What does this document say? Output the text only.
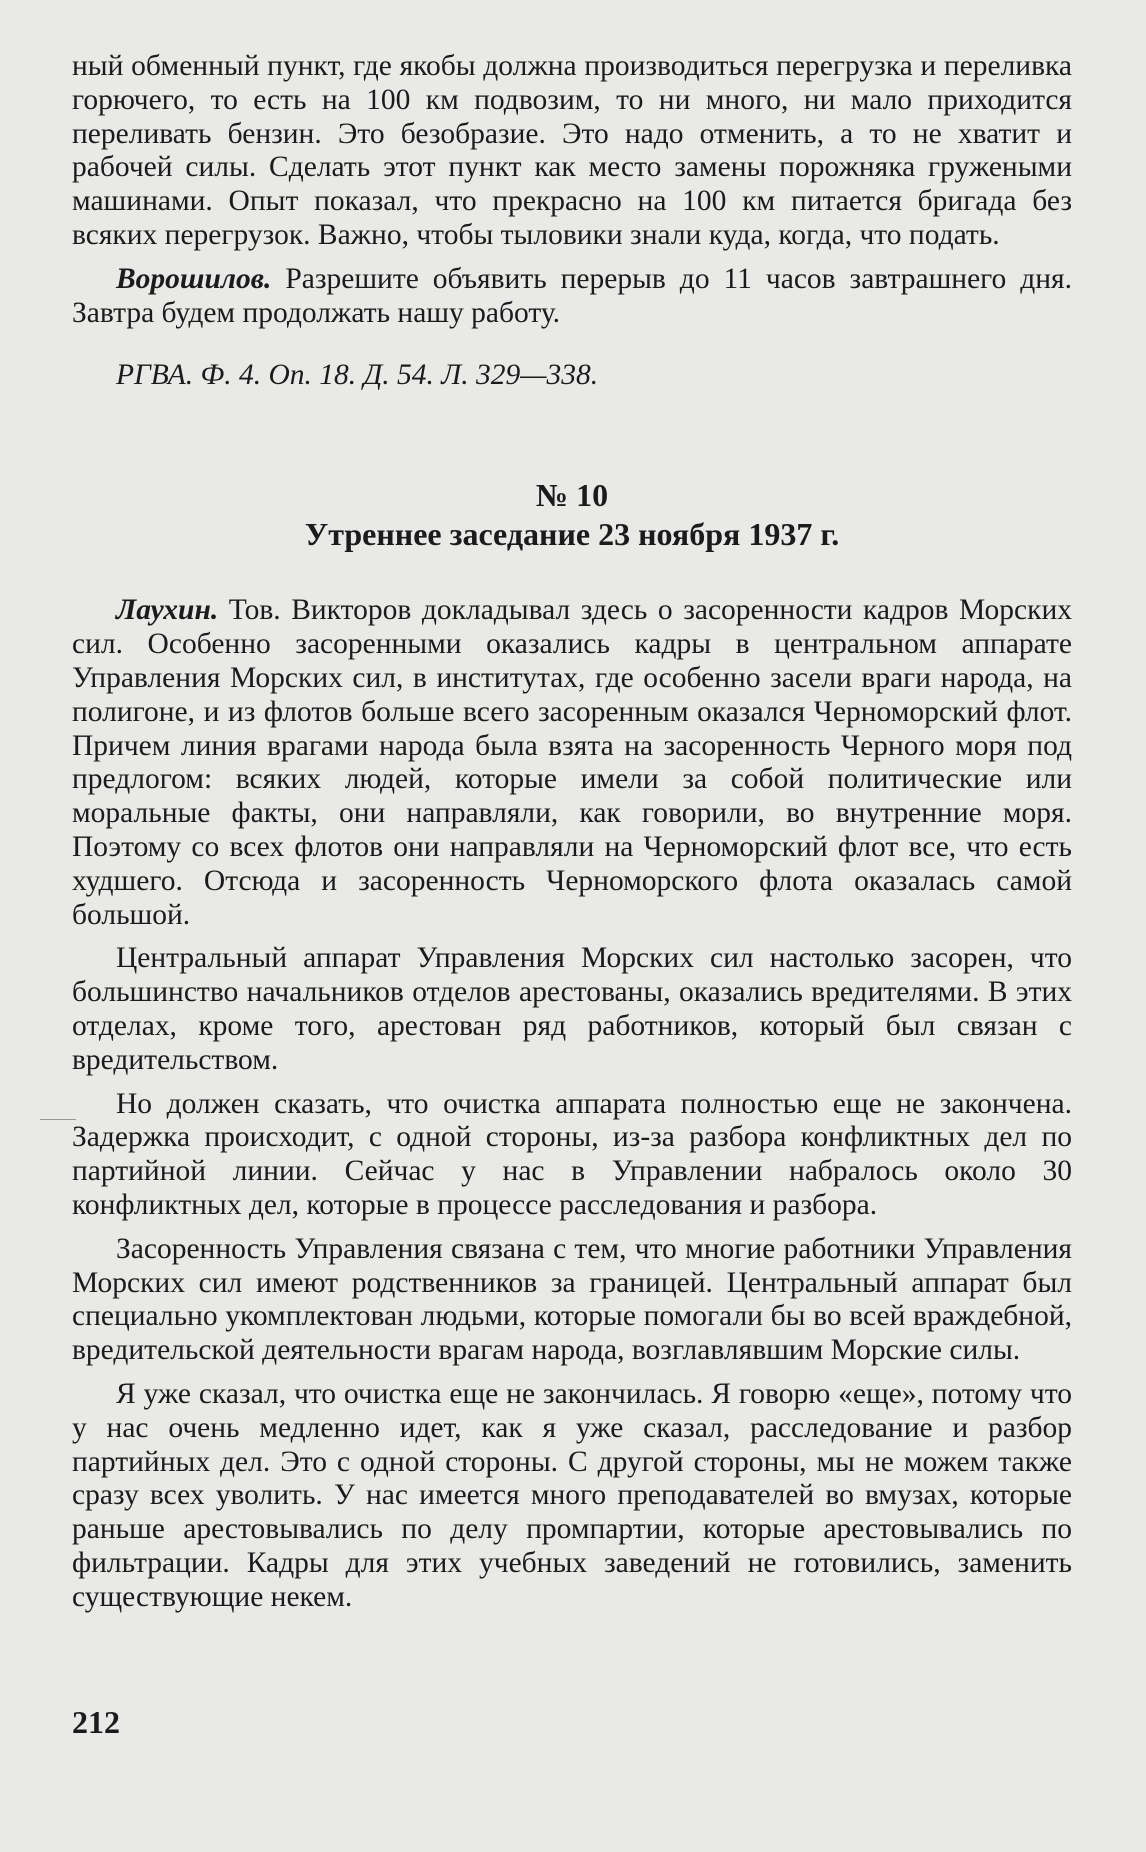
ный обменный пункт, где якобы должна производиться перегрузка и переливка горючего, то есть на 100 км подвозим, то ни много, ни мало приходится переливать бензин. Это безобразие. Это надо отменить, а то не хватит и рабочей силы. Сделать этот пункт как место замены порожняка гружеными машинами. Опыт показал, что прекрасно на 100 км питается бригада без всяких перегрузок. Важно, чтобы тыловики знали куда, когда, что подать.

Ворошилов. Разрешите объявить перерыв до 11 часов завтрашнего дня. Завтра будем продолжать нашу работу.

РГВА. Ф. 4. Оп. 18. Д. 54. Л. 329—338.
№ 10
Утреннее заседание 23 ноября 1937 г.

Лаухин. Тов. Викторов докладывал здесь о засоренности кадров Морских сил. Особенно засоренными оказались кадры в центральном аппарате Управления Морских сил, в институтах, где особенно засели враги народа, на полигоне, и из флотов больше всего засоренным оказался Черноморский флот. Причем линия врагами народа была взята на засоренность Черного моря под предлогом: всяких людей, которые имели за собой политические или моральные факты, они направляли, как говорили, во внутренние моря. Поэтому со всех флотов они направляли на Черноморский флот все, что есть худшего. Отсюда и засоренность Черноморского флота оказалась самой большой.

Центральный аппарат Управления Морских сил настолько засорен, что большинство начальников отделов арестованы, оказались вредителями. В этих отделах, кроме того, арестован ряд работников, который был связан с вредительством.

Но должен сказать, что очистка аппарата полностью еще не закончена. Задержка происходит, с одной стороны, из-за разбора конфликтных дел по партийной линии. Сейчас у нас в Управлении набралось около 30 конфликтных дел, которые в процессе расследования и разбора.

Засоренность Управления связана с тем, что многие работники Управления Морских сил имеют родственников за границей. Центральный аппарат был специально укомплектован людьми, которые помогали бы во всей враждебной, вредительской деятельности врагам народа, возглавлявшим Морские силы.

Я уже сказал, что очистка еще не закончилась. Я говорю «еще», потому что у нас очень медленно идет, как я уже сказал, расследование и разбор партийных дел. Это с одной стороны. С другой стороны, мы не можем также сразу всех уволить. У нас имеется много преподавателей во вмузах, которые раньше арестовывались по делу промпартии, которые арестовывались по фильтрации. Кадры для этих учебных заведений не готовились, заменить существующие некем.

212
